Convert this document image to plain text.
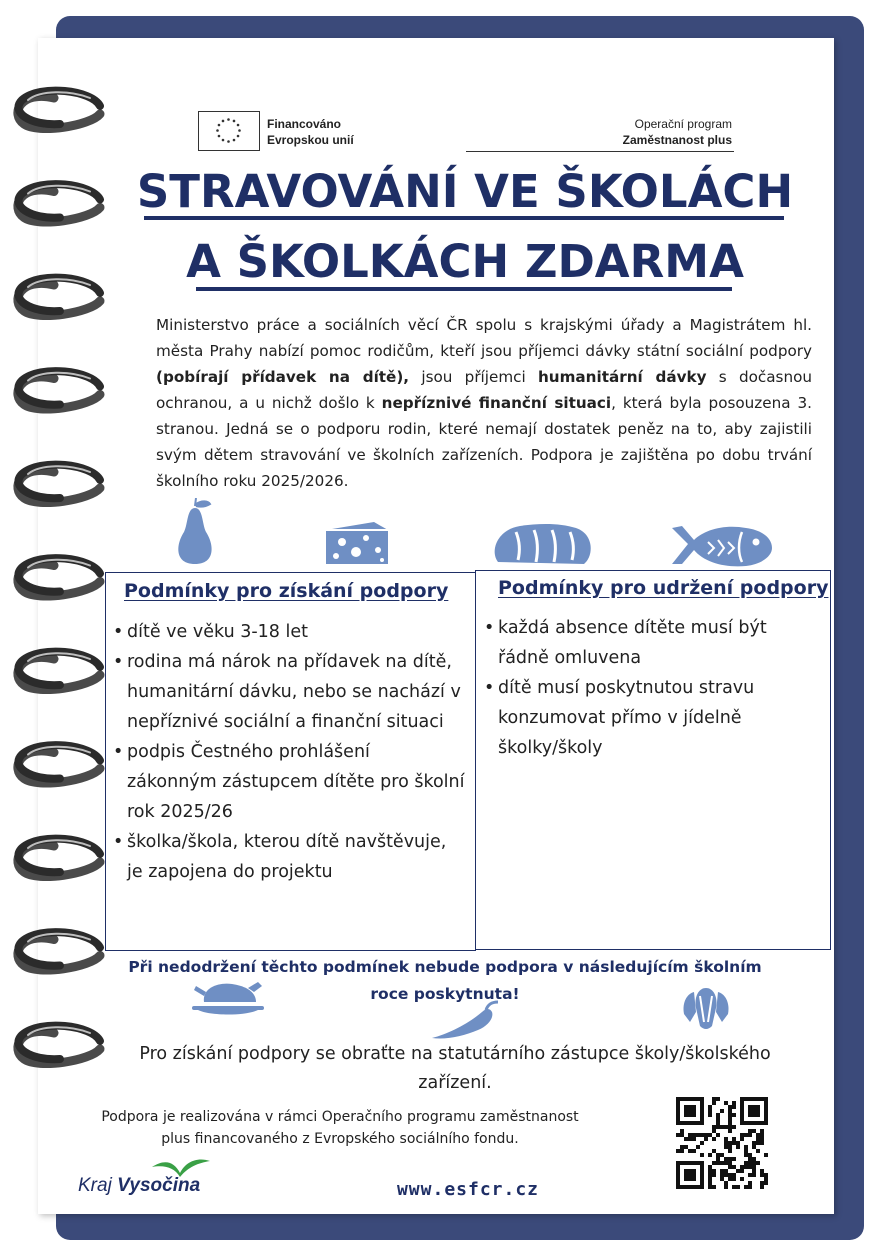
Financováno
Evropskou unií
Operační program
Zaměstnanost plus
STRAVOVÁNÍ VE ŠKOLÁCH
A ŠKOLKÁCH ZDARMA
Ministerstvo práce a sociálních věcí ČR spolu s krajskými úřady a Magistrátem hl. města Prahy nabízí pomoc rodičům, kteří jsou příjemci dávky státní sociální podpory (pobírají přídavek na dítě), jsou příjemci humanitární dávky s dočasnou ochranou, a u nichž došlo k nepříznivé finanční situaci, která byla posouzena 3. stranou. Jedná se o podporu rodin, které nemají dostatek peněz na to, aby zajistili svým dětem stravování ve školních zařízeních. Podpora je zajištěna po dobu trvání školního roku 2025/2026.
Podmínky pro získání podpory
• dítě ve věku 3-18 let
• rodina má nárok na přídavek na dítě, humanitární dávku, nebo se nachází v nepříznivé sociální a finanční situaci
• podpis Čestného prohlášení zákonným zástupcem dítěte pro školní rok 2025/26
• školka/škola, kterou dítě navštěvuje, je zapojena do projektu
Podmínky pro udržení podpory
• každá absence dítěte musí být řádně omluvena
• dítě musí poskytnutou stravu konzumovat přímo v jídelně školky/školy
Při nedodržení těchto podmínek nebude podpora v následujícím školním
roce poskytnuta!
Pro získání podpory se obraťte na statutárního zástupce školy/školského
zařízení.
Podpora je realizována v rámci Operačního programu zaměstnanost
plus financovaného z Evropského sociálního fondu.
Kraj Vysočina	www.esfcr.cz
